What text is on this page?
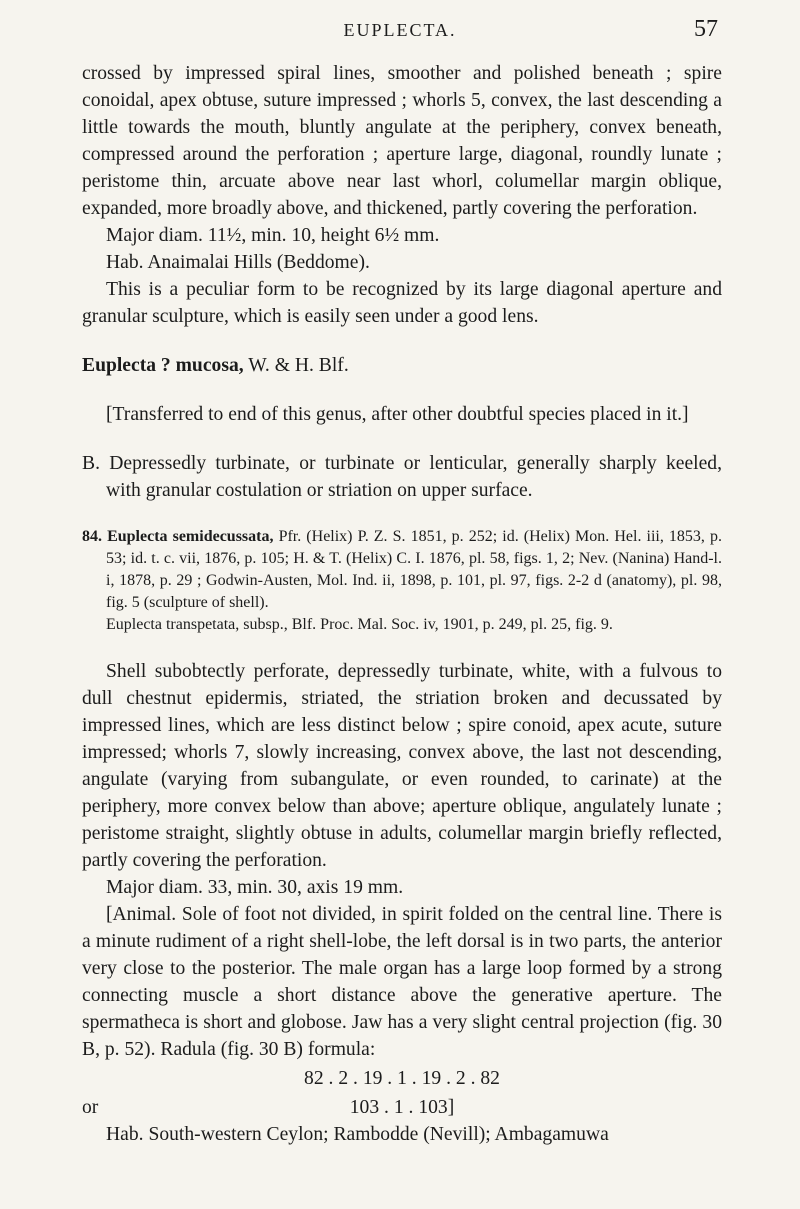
EUPLECTA.	57

crossed by impressed spiral lines, smoother and polished beneath ; spire conoidal, apex obtuse, suture impressed ; whorls 5, convex, the last descending a little towards the mouth, bluntly angulate at the periphery, convex beneath, compressed around the perforation ; aperture large, diagonal, roundly lunate ; peristome thin, arcuate above near last whorl, columellar margin oblique, expanded, more broadly above, and thickened, partly covering the perforation.

Major diam. 11½, min. 10, height 6½ mm.

Hab. Anaimalai Hills (Beddome).

This is a peculiar form to be recognized by its large diagonal aperture and granular sculpture, which is easily seen under a good lens.

Euplecta ? mucosa, W. & H. Blf.

[Transferred to end of this genus, after other doubtful species placed in it.]

B. Depressedly turbinate, or turbinate or lenticular, generally sharply keeled, with granular costulation or striation on upper surface.

84. Euplecta semidecussata, Pfr. (Helix) P. Z. S. 1851, p. 252; id. (Helix) Mon. Hel. iii, 1853, p. 53; id. t. c. vii, 1876, p. 105; H. & T. (Helix) C. I. 1876, pl. 58, figs. 1, 2; Nev. (Nanina) Hand-l. i, 1878, p. 29 ; Godwin-Austen, Mol. Ind. ii, 1898, p. 101, pl. 97, figs. 2-2 d (anatomy), pl. 98, fig. 5 (sculpture of shell).
Euplecta transpetata, subsp., Blf. Proc. Mal. Soc. iv, 1901, p. 249, pl. 25, fig. 9.

Shell subobtectly perforate, depressedly turbinate, white, with a fulvous to dull chestnut epidermis, striated, the striation broken and decussated by impressed lines, which are less distinct below ; spire conoid, apex acute, suture impressed; whorls 7, slowly increasing, convex above, the last not descending, angulate (varying from subangulate, or even rounded, to carinate) at the periphery, more convex below than above; aperture oblique, angulately lunate ; peristome straight, slightly obtuse in adults, columellar margin briefly reflected, partly covering the perforation.

Major diam. 33, min. 30, axis 19 mm.

[Animal. Sole of foot not divided, in spirit folded on the central line. There is a minute rudiment of a right shell-lobe, the left dorsal is in two parts, the anterior very close to the posterior. The male organ has a large loop formed by a strong connecting muscle a short distance above the generative aperture. The spermatheca is short and globose. Jaw has a very slight central projection (fig. 30 B, p. 52). Radula (fig. 30 B) formula:

82 . 2 . 19 . 1 . 19 . 2 . 82
or	103 . 1 . 103]

Hab. South-western Ceylon; Rambodde (Nevill); Ambagamuwa
